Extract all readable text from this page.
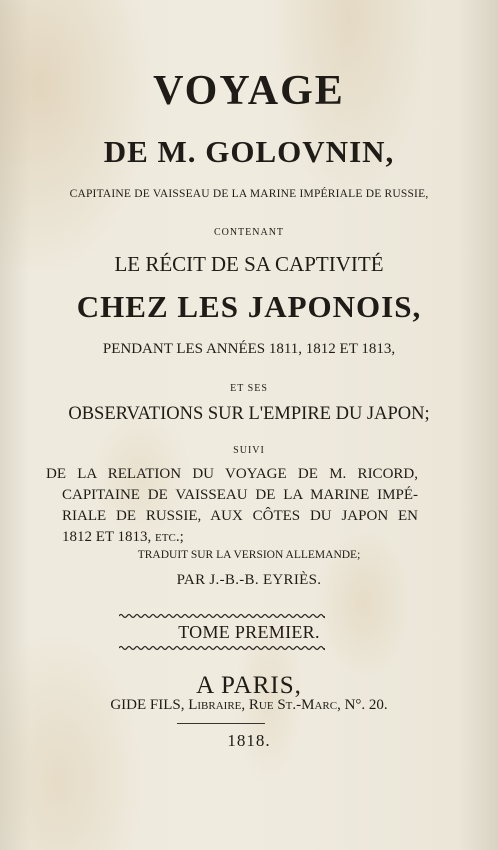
VOYAGE
DE M. GOLOVNIN,
CAPITAINE DE VAISSEAU DE LA MARINE IMPÉRIALE DE RUSSIE,
CONTENANT
LE RÉCIT DE SA CAPTIVITÉ
CHEZ LES JAPONOIS,
PENDANT LES ANNÉES 1811, 1812 ET 1813,
ET SES
OBSERVATIONS SUR L'EMPIRE DU JAPON;
SUIVI
DE LA RELATION DU VOYAGE DE M. RICORD,
CAPITAINE DE VAISSEAU DE LA MARINE IMPÉ-
RIALE DE RUSSIE, AUX CÔTES DU JAPON EN
1812 ET 1813, etc.;
TRADUIT SUR LA VERSION ALLEMANDE;
PAR J.-B.-B. EYRIÈS.
TOME PREMIER.
A PARIS,
GIDE FILS, Libraire, Rue St.-Marc, N°. 20.
1818.
